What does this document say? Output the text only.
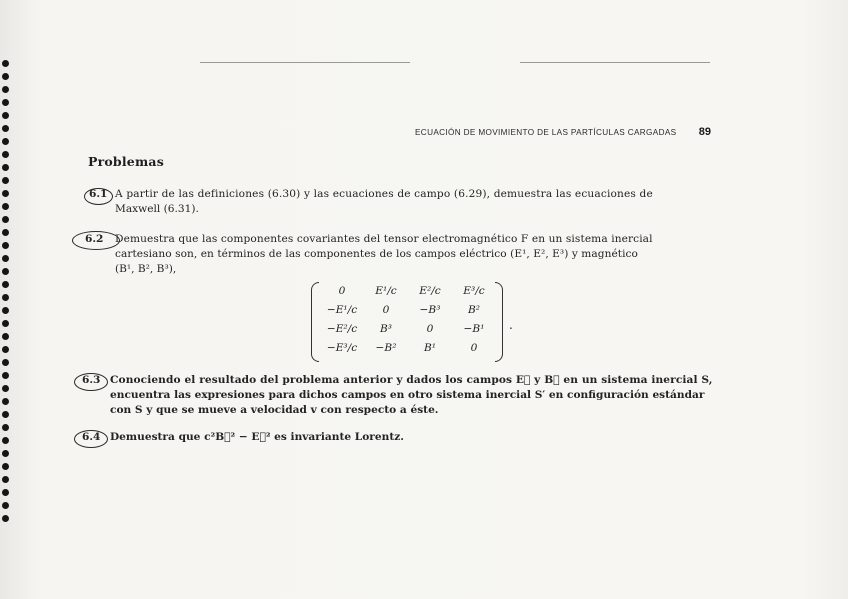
ECUACIÓN DE MOVIMIENTO DE LAS PARTÍCULAS CARGADAS 89
Problemas
6.1 A partir de las definiciones (6.30) y las ecuaciones de campo (6.29), demuestra las ecuaciones de
Maxwell (6.31).
6.2 Demuestra que las componentes covariantes del tensor electromagnético F en un sistema inercial
cartesiano son, en términos de las componentes de los campos eléctrico (E¹, E², E³) y magnético
(B¹, B², B³),
0	E¹/c	E²/c	E³/c
−E¹/c	0	−B³	B²
−E²/c	B³	0	−B¹
−E³/c	−B²	B¹	0
.
6.3 Conociendo el resultado del problema anterior y dados los campos E⃗ y B⃗ en un sistema inercial S,
encuentra las expresiones para dichos campos en otro sistema inercial S′ en configuración estándar
con S y que se mueve a velocidad v con respecto a éste.
6.4 Demuestra que c²B⃗² − E⃗² es invariante Lorentz.
